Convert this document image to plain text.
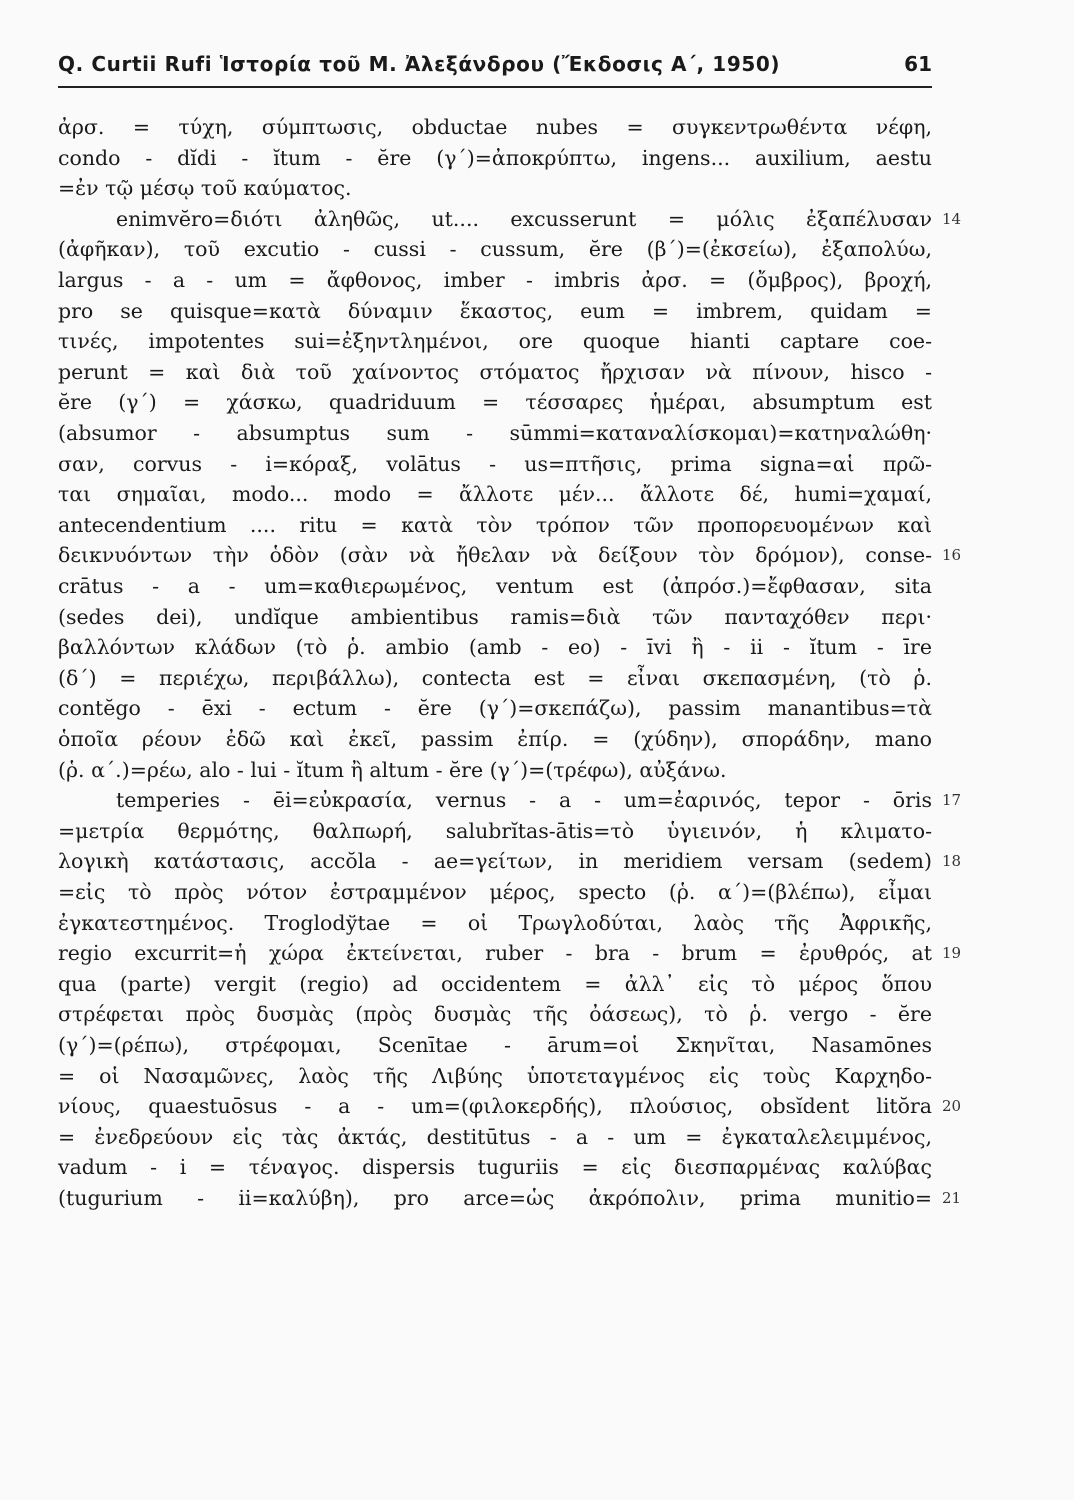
Q. Curtii Rufi Ἱστορία τοῦ Μ. Ἀλεξάνδρου (Ἔκδοσις Α΄, 1950)	61
ἀρσ. = τύχη, σύμπτωσις, obductae nubes = συγκεντρωθέντα νέφη,
condo - dĭdi - ĭtum - ĕre (γ΄)=ἀποκρύπτω, ingens... auxilium, aestu
=ἐν τῷ μέσῳ τοῦ καύματος.
enimvĕro=διότι ἀληθῶς, ut.... excusserunt = μόλις ἐξαπέλυσαν 14
(ἀφῆκαν), τοῦ excutio - cussi - cussum, ĕre (β΄)=(ἐκσείω), ἐξαπολύω,
largus - a - um = ἄφθονος, imber - imbris ἀρσ. = (ὄμβρος), βροχή,
pro se quisque=κατὰ δύναμιν ἕκαστος, eum = imbrem, quidam =
τινές, impotentes sui=ἐξηντλημένοι, ore quoque hianti captare coe-
perunt = καὶ διὰ τοῦ χαίνοντος στόματος ἤρχισαν νὰ πίνουν, hisco -
ĕre (γ΄) = χάσκω, quadriduum = τέσσαρες ἡμέραι, absumptum est
(absumor - absumptus sum - sūmmi=καταναλίσκομαι)=κατηναλώθη·
σαν, corvus - i=κόραξ, volātus - us=πτῆσις, prima signa=αἱ πρῶ-
ται σημαῖαι, modo... modo = ἄλλοτε μέν... ἄλλοτε δέ, humi=χαμαί,
antecendentium .... ritu = κατὰ τὸν τρόπον τῶν προπορευομένων καὶ
δεικνυόντων τὴν ὁδὸν (σὰν νὰ ἤθελαν νὰ δείξουν τὸν δρόμον), conse- 16
crātus - a - um=καθιερωμένος, ventum est (ἀπρόσ.)=ἔφθασαν, sita
(sedes dei), undĭque ambientibus ramis=διὰ τῶν πανταχόθεν περι·
βαλλόντων κλάδων (τὸ ῥ. ambio (amb - eo) - īvi ἢ - ii - ĭtum - īre
(δ΄) = περιέχω, περιβάλλω), contecta est = εἶναι σκεπασμένη, (τὸ ῥ.
contĕgo - ēxi - ectum - ĕre (γ΄)=σκεπάζω), passim manantibus=τὰ
ὁποῖα ρέουν ἐδῶ καὶ ἐκεῖ, passim ἐπίρ. = (χύδην), σποράδην, mano
(ῥ. α΄.)=ρέω, alo - lui - ĭtum ἢ altum - ĕre (γ΄)=(τρέφω), αὐξάνω.
temperies - ēi=εὐκρασία, vernus - a - um=ἐαρινός, tepor - ōris 17
=μετρία θερμότης, θαλπωρή, salubrĭtas-ātis=τὸ ὑγιεινόν, ἡ κλιματο-
λογικὴ κατάστασις, accŏla - ae=γείτων, in meridiem versam (sedem) 18
=εἰς τὸ πρὸς νότον ἐστραμμένον μέρος, specto (ῥ. α΄)=(βλέπω), εἶμαι
ἐγκατεστημένος. Troglodўtae = οἱ Τρωγλοδύται, λαὸς τῆς Ἀφρικῆς,
regio excurrit=ἡ χώρα ἐκτείνεται, ruber - bra - brum = ἐρυθρός, at 19
qua (parte) vergit (regio) ad occidentem = ἀλλ᾽ εἰς τὸ μέρος ὅπου
στρέφεται πρὸς δυσμὰς (πρὸς δυσμὰς τῆς ὀάσεως), τὸ ῥ. vergo - ĕre
(γ΄)=(ρέπω), στρέφομαι, Scenītae - ārum=οἱ Σκηνῖται, Nasamōnes
= οἱ Νασαμῶνες, λαὸς τῆς Λιβύης ὑποτεταγμένος εἰς τοὺς Καρχηδο-
νίους, quaestuōsus - a - um=(φιλοκερδής), πλούσιος, obsĭdent litŏra 20
= ἐνεδρεύουν εἰς τὰς ἀκτάς, destitūtus - a - um = ἐγκαταλελειμμένος,
vadum - i = τέναγος. dispersis tuguriis = εἰς διεσπαρμένας καλύβας
(tugurium - ii=καλύβη), pro arce=ὡς ἀκρόπολιν, prima munitio= 21
